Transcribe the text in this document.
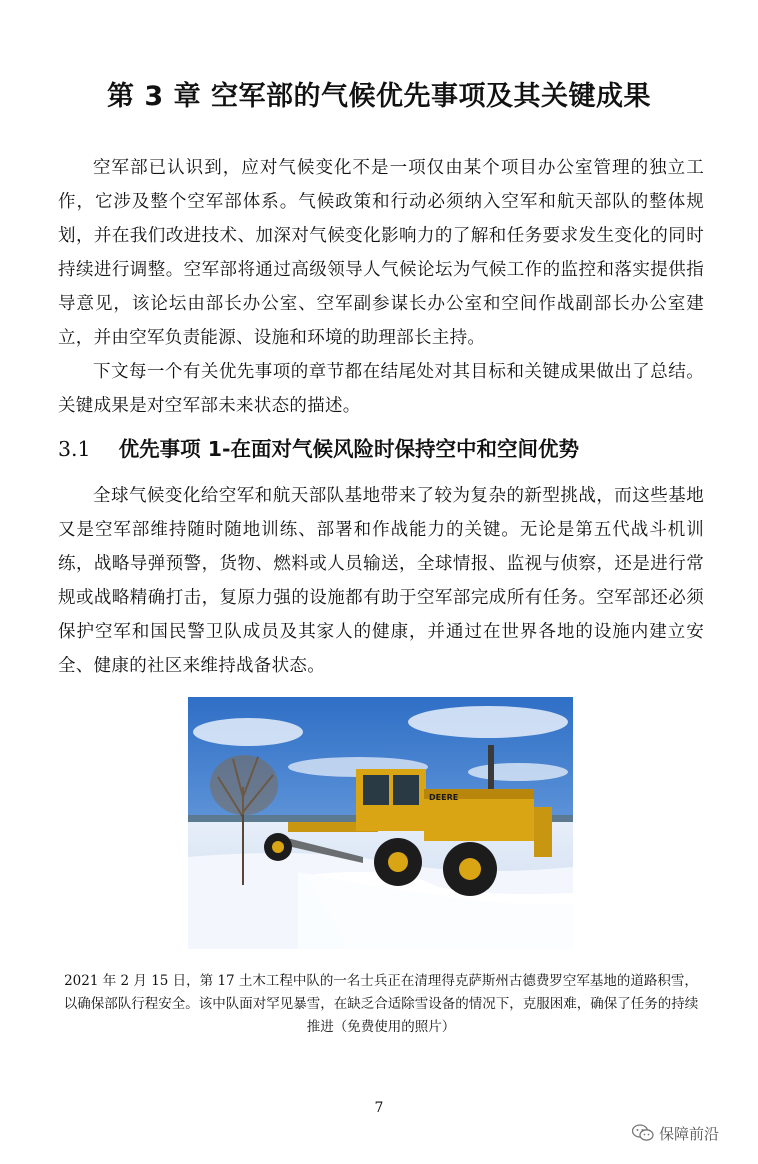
第 3 章 空军部的气候优先事项及其关键成果

空军部已认识到，应对气候变化不是一项仅由某个项目办公室管理的独立工作，它涉及整个空军部体系。气候政策和行动必须纳入空军和航天部队的整体规划，并在我们改进技术、加深对气候变化影响力的了解和任务要求发生变化的同时持续进行调整。空军部将通过高级领导人气候论坛为气候工作的监控和落实提供指导意见，该论坛由部长办公室、空军副参谋长办公室和空间作战副部长办公室建立，并由空军负责能源、设施和环境的助理部长主持。

下文每一个有关优先事项的章节都在结尾处对其目标和关键成果做出了总结。关键成果是对空军部未来状态的描述。

3.1 优先事项 1-在面对气候风险时保持空中和空间优势

全球气候变化给空军和航天部队基地带来了较为复杂的新型挑战，而这些基地又是空军部维持随时随地训练、部署和作战能力的关键。无论是第五代战斗机训练，战略导弹预警，货物、燃料或人员输送，全球情报、监视与侦察，还是进行常规或战略精确打击，复原力强的设施都有助于空军部完成所有任务。空军部还必须保护空军和国民警卫队成员及其家人的健康，并通过在世界各地的设施内建立安全、健康的社区来维持战备状态。

DEERE
2021 年 2 月 15 日，第 17 土木工程中队的一名士兵正在清理得克萨斯州古德费罗空军基地的道路积雪，以确保部队行程安全。该中队面对罕见暴雪，在缺乏合适除雪设备的情况下，克服困难，确保了任务的持续推进（免费使用的照片）
7
保障前沿
